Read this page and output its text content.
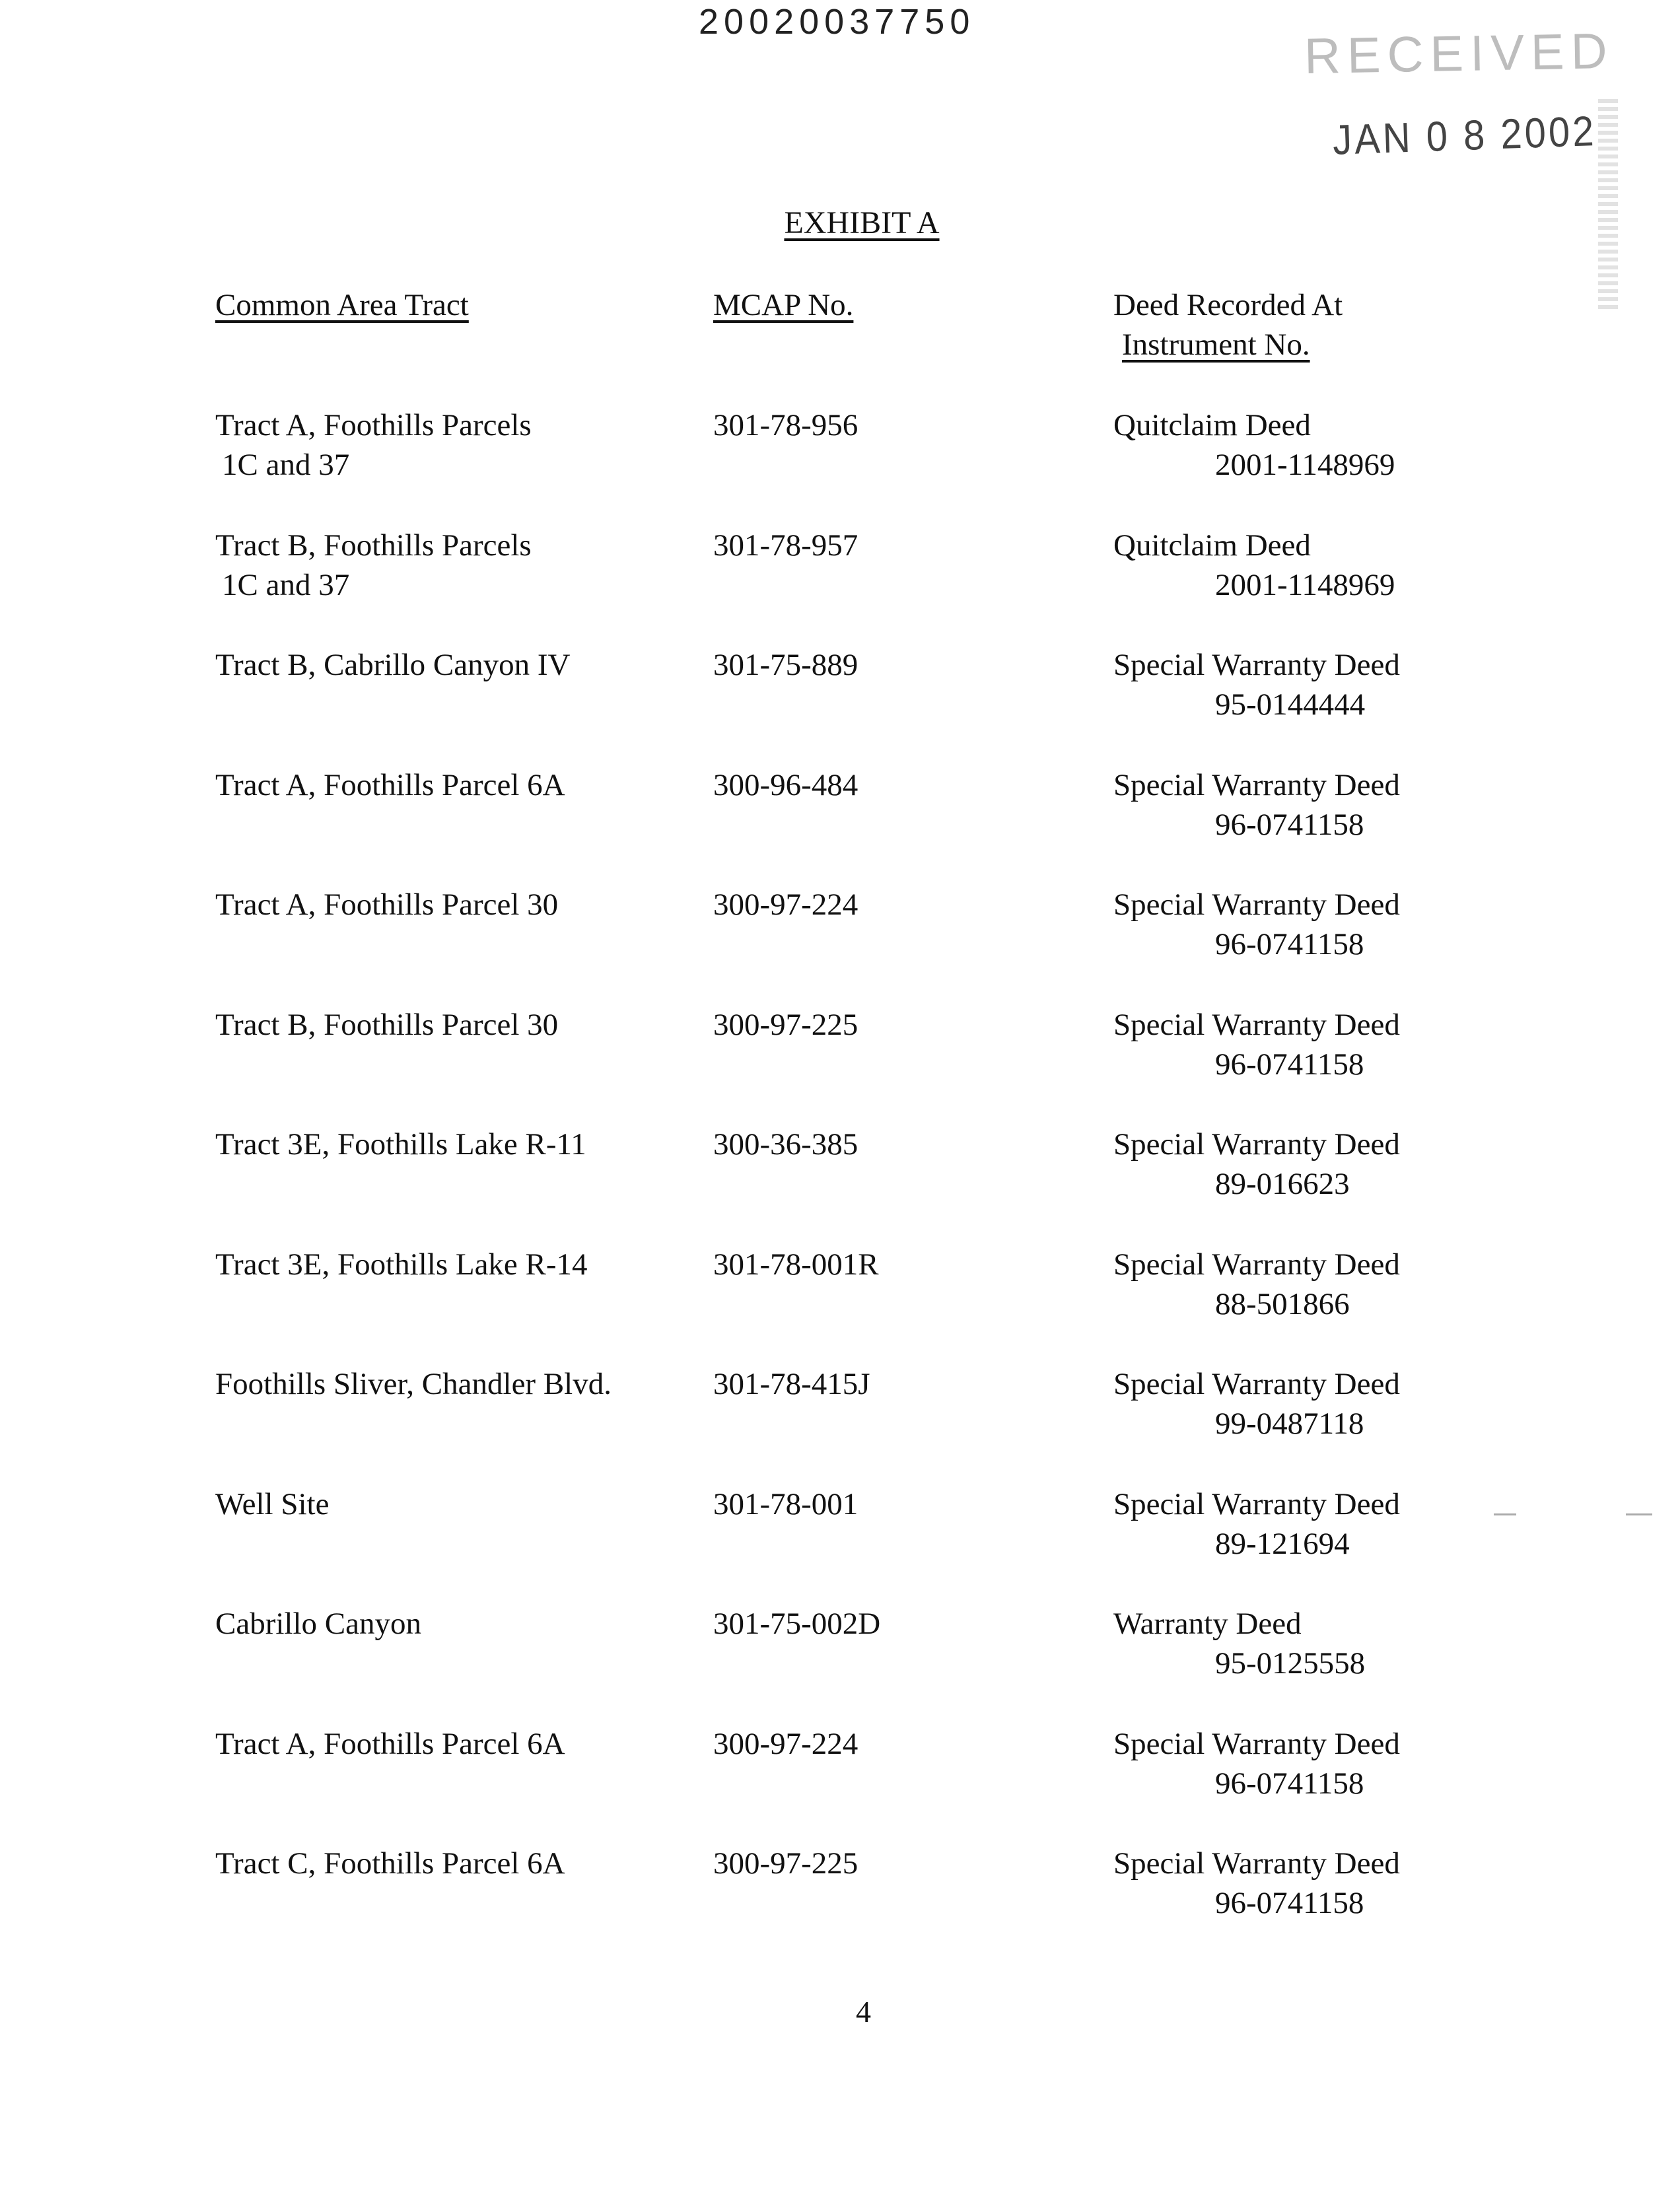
20020037750
RECEIVED
JAN 0 8 2002
EXHIBIT A
Common Area Tract	MCAP No.	Deed Recorded At
Instrument No.
Tract A, Foothills Parcels
1C and 37
301-78-956	Quitclaim Deed
2001-1148969
Tract B, Foothills Parcels
1C and 37
301-78-957	Quitclaim Deed
2001-1148969
Tract B, Cabrillo Canyon IV	301-75-889	Special Warranty Deed
95-0144444
Tract A, Foothills Parcel 6A	300-96-484	Special Warranty Deed
96-0741158
Tract A, Foothills Parcel 30	300-97-224	Special Warranty Deed
96-0741158
Tract B, Foothills Parcel 30	300-97-225	Special Warranty Deed
96-0741158
Tract 3E, Foothills Lake R-11	300-36-385	Special Warranty Deed
89-016623
Tract 3E, Foothills Lake R-14	301-78-001R	Special Warranty Deed
88-501866
Foothills Sliver, Chandler Blvd.	301-78-415J	Special Warranty Deed
99-0487118
Well Site	301-78-001	Special Warranty Deed
89-121694
Cabrillo Canyon	301-75-002D	Warranty Deed
95-0125558
Tract A, Foothills Parcel 6A	300-97-224	Special Warranty Deed
96-0741158
Tract C, Foothills Parcel 6A	300-97-225	Special Warranty Deed
96-0741158
4
